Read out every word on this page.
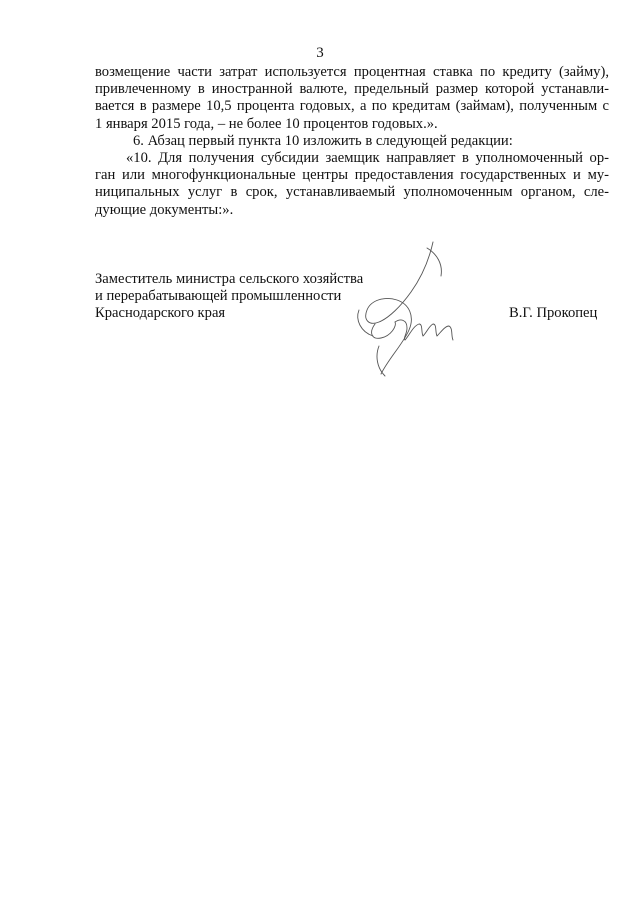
3
возмещение части затрат используется процентная ставка по кредиту (займу),
привлеченному в иностранной валюте, предельный размер которой устанавли-
вается в размере 10,5 процента годовых, а по кредитам (займам), полученным с
1 января 2015 года, – не более 10 процентов годовых.».
6. Абзац первый пункта 10 изложить в следующей редакции:
«10. Для получения субсидии заемщик направляет в уполномоченный ор-
ган или многофункциональные центры предоставления государственных и му-
ниципальных услуг в срок, устанавливаемый уполномоченным органом, сле-
дующие документы:».
Заместитель министра сельского хозяйства
и перерабатывающей промышленности
Краснодарского края	В.Г. Прокопец
